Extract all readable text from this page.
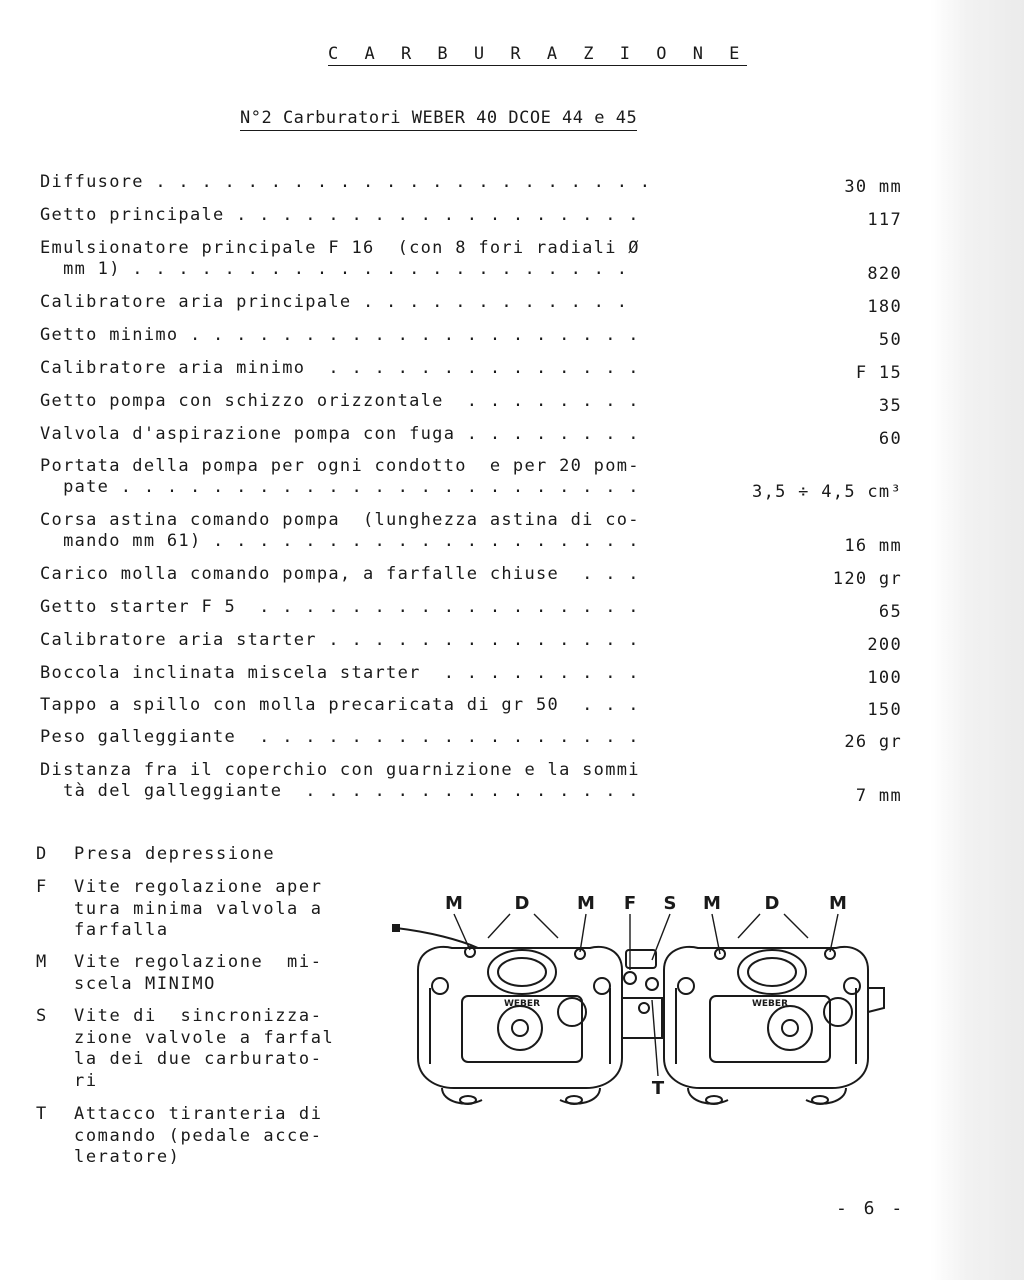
C A R B U R A Z I O N E
N°2 Carburatori WEBER 40 DCOE 44 e 45
Diffusore . . . . . . . . . . . . . . . . . . . . . .	30 mm
Getto principale . . . . . . . . . . . . . . . . . .	117
Emulsionatore principale F 16  (con 8 fori radiali Ø
mm 1) . . . . . . . . . . . . . . . . . . . . . .	820
Calibratore aria principale . . . . . . . . . . . .	180
Getto minimo . . . . . . . . . . . . . . . . . . . .	50
Calibratore aria minimo  . . . . . . . . . . . . . .	F 15
Getto pompa con schizzo orizzontale  . . . . . . . .	35
Valvola d'aspirazione pompa con fuga . . . . . . . .	60
Portata della pompa per ogni condotto  e per 20 pom-
pate . . . . . . . . . . . . . . . . . . . . . . .	3,5 ÷ 4,5 cm³
Corsa astina comando pompa  (lunghezza astina di co-
mando mm 61) . . . . . . . . . . . . . . . . . . .	16 mm
Carico molla comando pompa, a farfalle chiuse  . . .	120 gr
Getto starter F 5  . . . . . . . . . . . . . . . . .	65
Calibratore aria starter . . . . . . . . . . . . . .	200
Boccola inclinata miscela starter  . . . . . . . . .	100
Tappo a spillo con molla precaricata di gr 50  . . .	150
Peso galleggiante  . . . . . . . . . . . . . . . . .	26 gr
Distanza fra il coperchio con guarnizione e la sommi
tà del galleggiante  . . . . . . . . . . . . . . .	7 mm
D Presa depressione
F Vite regolazione aper
tura minima valvola a
farfalla
M Vite regolazione  mi-
scela MINIMO
S Vite di  sincronizza-
zione valvole a farfal
la dei due carburato-
ri
T Attacco tiranteria di
comando (pedale acce-
leratore)
M	D	M F S M D	M
T
WEBER	WEBER
- 6 -
